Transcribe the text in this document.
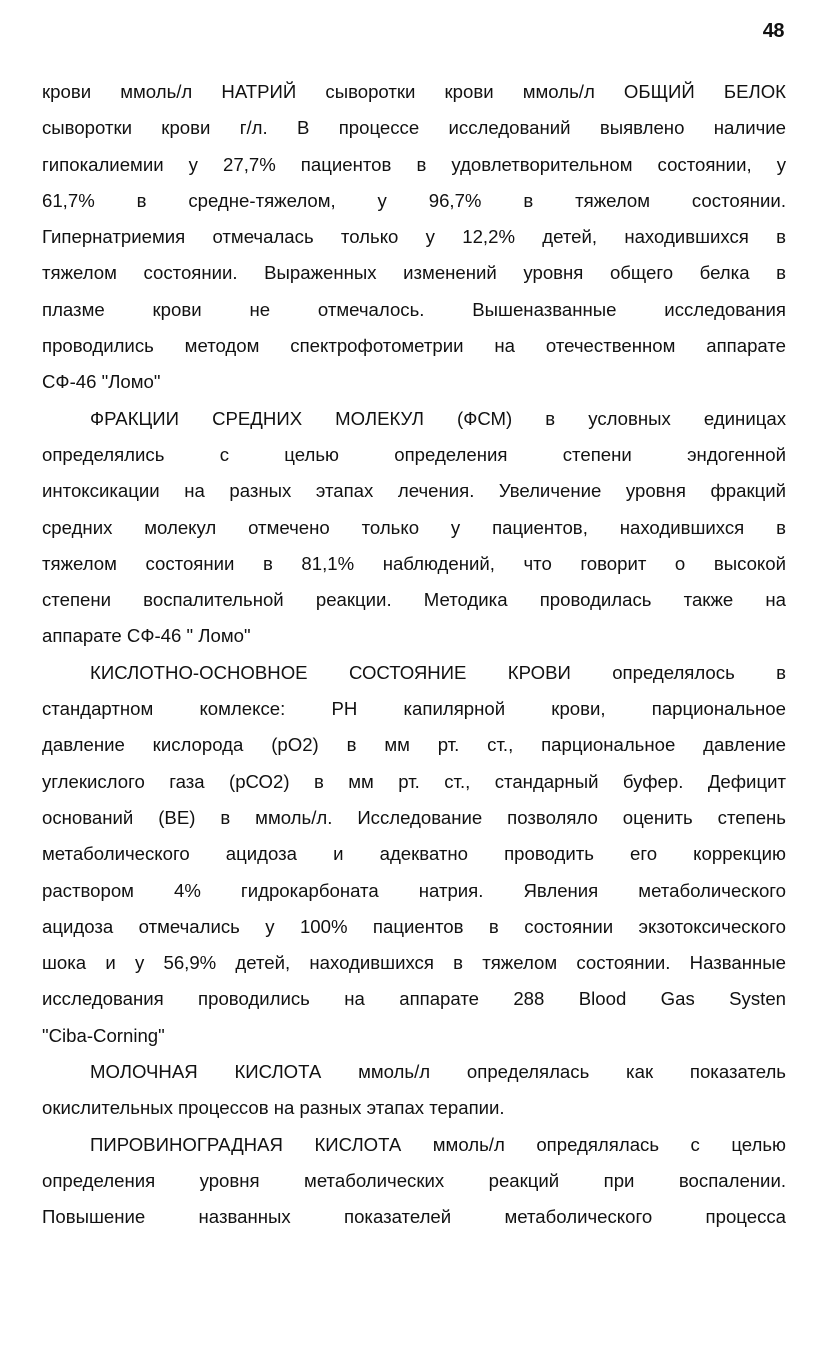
48
крови ммоль/л НАТРИЙ сыворотки крови ммоль/л ОБЩИЙ БЕЛОК
сыворотки крови г/л. В процессе исследований выявлено наличие
гипокалиемии у 27,7% пациентов в удовлетворительном состоянии, у
61,7% в средне-тяжелом, у 96,7% в тяжелом состоянии.
Гипернатриемия отмечалась только у 12,2% детей, находившихся в
тяжелом состоянии. Выраженных изменений уровня общего белка в
плазме крови не отмечалось. Вышеназванные исследования
проводились методом спектрофотометрии на отечественном аппарате
СФ-46 "Ломо"
ФРАКЦИИ СРЕДНИХ МОЛЕКУЛ (ФСМ) в условных единицах
определялись с целью определения степени эндогенной
интоксикации на разных этапах лечения. Увеличение уровня фракций
средних молекул отмечено только у пациентов, находившихся в
тяжелом состоянии в 81,1% наблюдений, что говорит о высокой
степени воспалительной реакции. Методика проводилась также на
аппарате СФ-46 " Ломо"
КИСЛОТНО-ОСНОВНОЕ СОСТОЯНИЕ КРОВИ определялось в
стандартном комлексе: РН капилярной крови, парциональное
давление кислорода (рО2) в мм рт. ст., парциональное давление
углекислого газа (рСО2) в мм рт. ст., стандарный буфер. Дефицит
оснований (ВЕ) в ммоль/л. Исследование позволяло оценить степень
метаболического ацидоза и адекватно проводить его коррекцию
раствором 4% гидрокарбоната натрия. Явления метаболического
ацидоза отмечались у 100% пациентов в состоянии экзотоксического
шока и у 56,9% детей, находившихся в тяжелом состоянии. Названные
исследования проводились на аппарате 288 Blood Gas Systen
"Ciba-Corning"
МОЛОЧНАЯ КИСЛОТА ммоль/л определялась как показатель
окислительных процессов на разных этапах терапии.
ПИРОВИНОГРАДНАЯ КИСЛОТА ммоль/л опредялялась с целью
определения уровня метаболических реакций при воспалении.
Повышение названных показателей метаболического процесса
